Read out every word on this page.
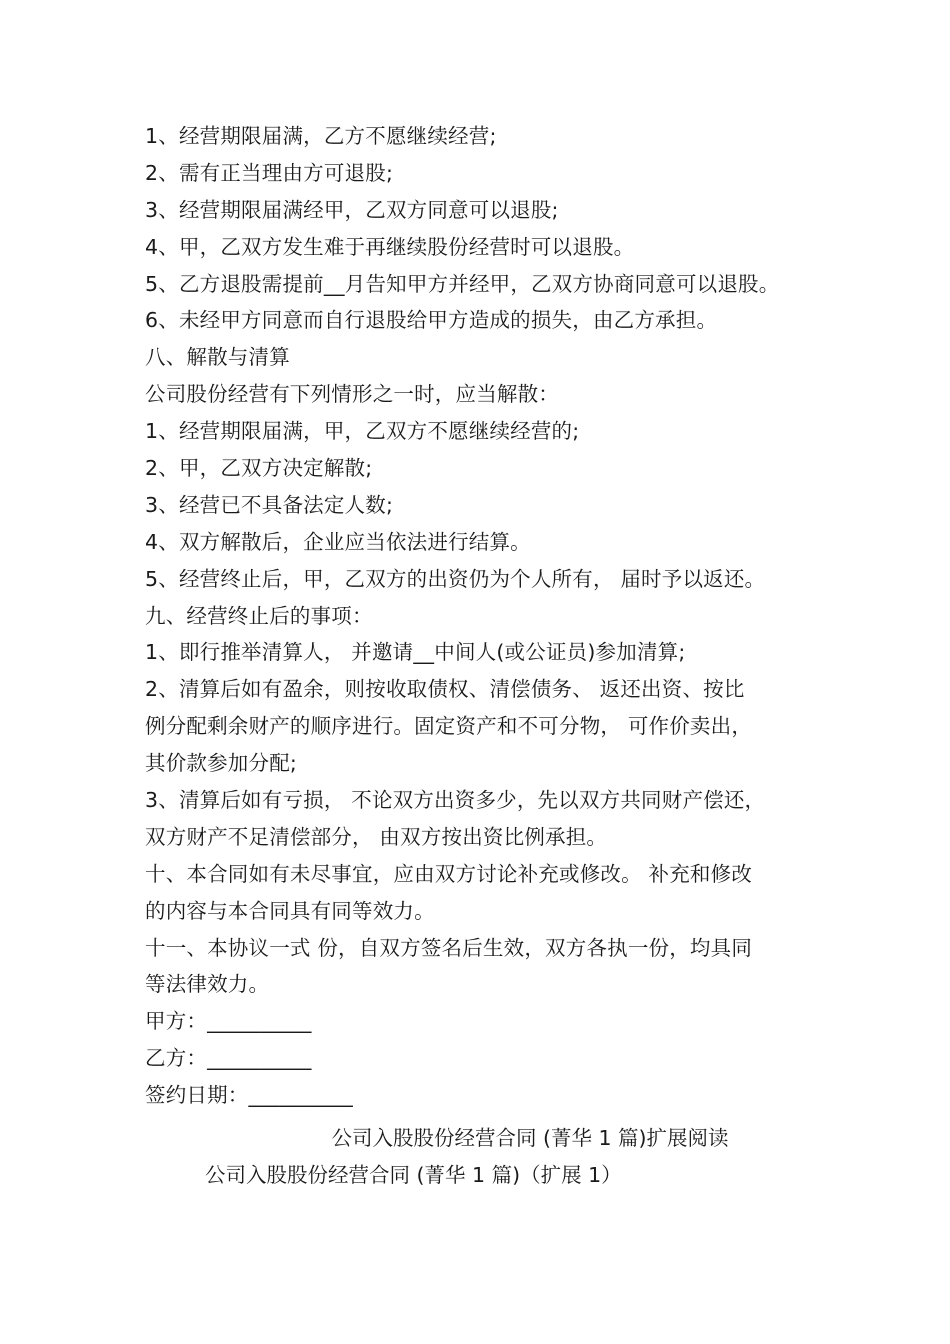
1、经营期限届满，乙方不愿继续经营;
2、需有正当理由方可退股;
3、经营期限届满经甲，乙双方同意可以退股;
4、甲，乙双方发生难于再继续股份经营时可以退股。
5、乙方退股需提前__月告知甲方并经甲，乙双方协商同意可以退股。
6、未经甲方同意而自行退股给甲方造成的损失，由乙方承担。
八、解散与清算
公司股份经营有下列情形之一时，应当解散：
1、经营期限届满，甲，乙双方不愿继续经营的;
2、甲，乙双方决定解散;
3、经营已不具备法定人数;
4、双方解散后，企业应当依法进行结算。
5、经营终止后，甲，乙双方的出资仍为个人所有， 届时予以返还。
九、经营终止后的事项：
1、即行推举清算人， 并邀请__中间人(或公证员)参加清算;
2、清算后如有盈余，则按收取债权、清偿债务、 返还出资、按比
例分配剩余财产的顺序进行。固定资产和不可分物， 可作价卖出，
其价款参加分配;
3、清算后如有亏损， 不论双方出资多少，先以双方共同财产偿还，
双方财产不足清偿部分， 由双方按出资比例承担。
十、本合同如有未尽事宜，应由双方讨论补充或修改。 补充和修改
的内容与本合同具有同等效力。
十一、本协议一式 份，自双方签名后生效，双方各执一份，均具同
等法律效力。
甲方：__________
乙方：__________
签约日期：__________
公司入股股份经营合同 (菁华 1 篇)扩展阅读
公司入股股份经营合同 (菁华 1 篇)（扩展 1）
